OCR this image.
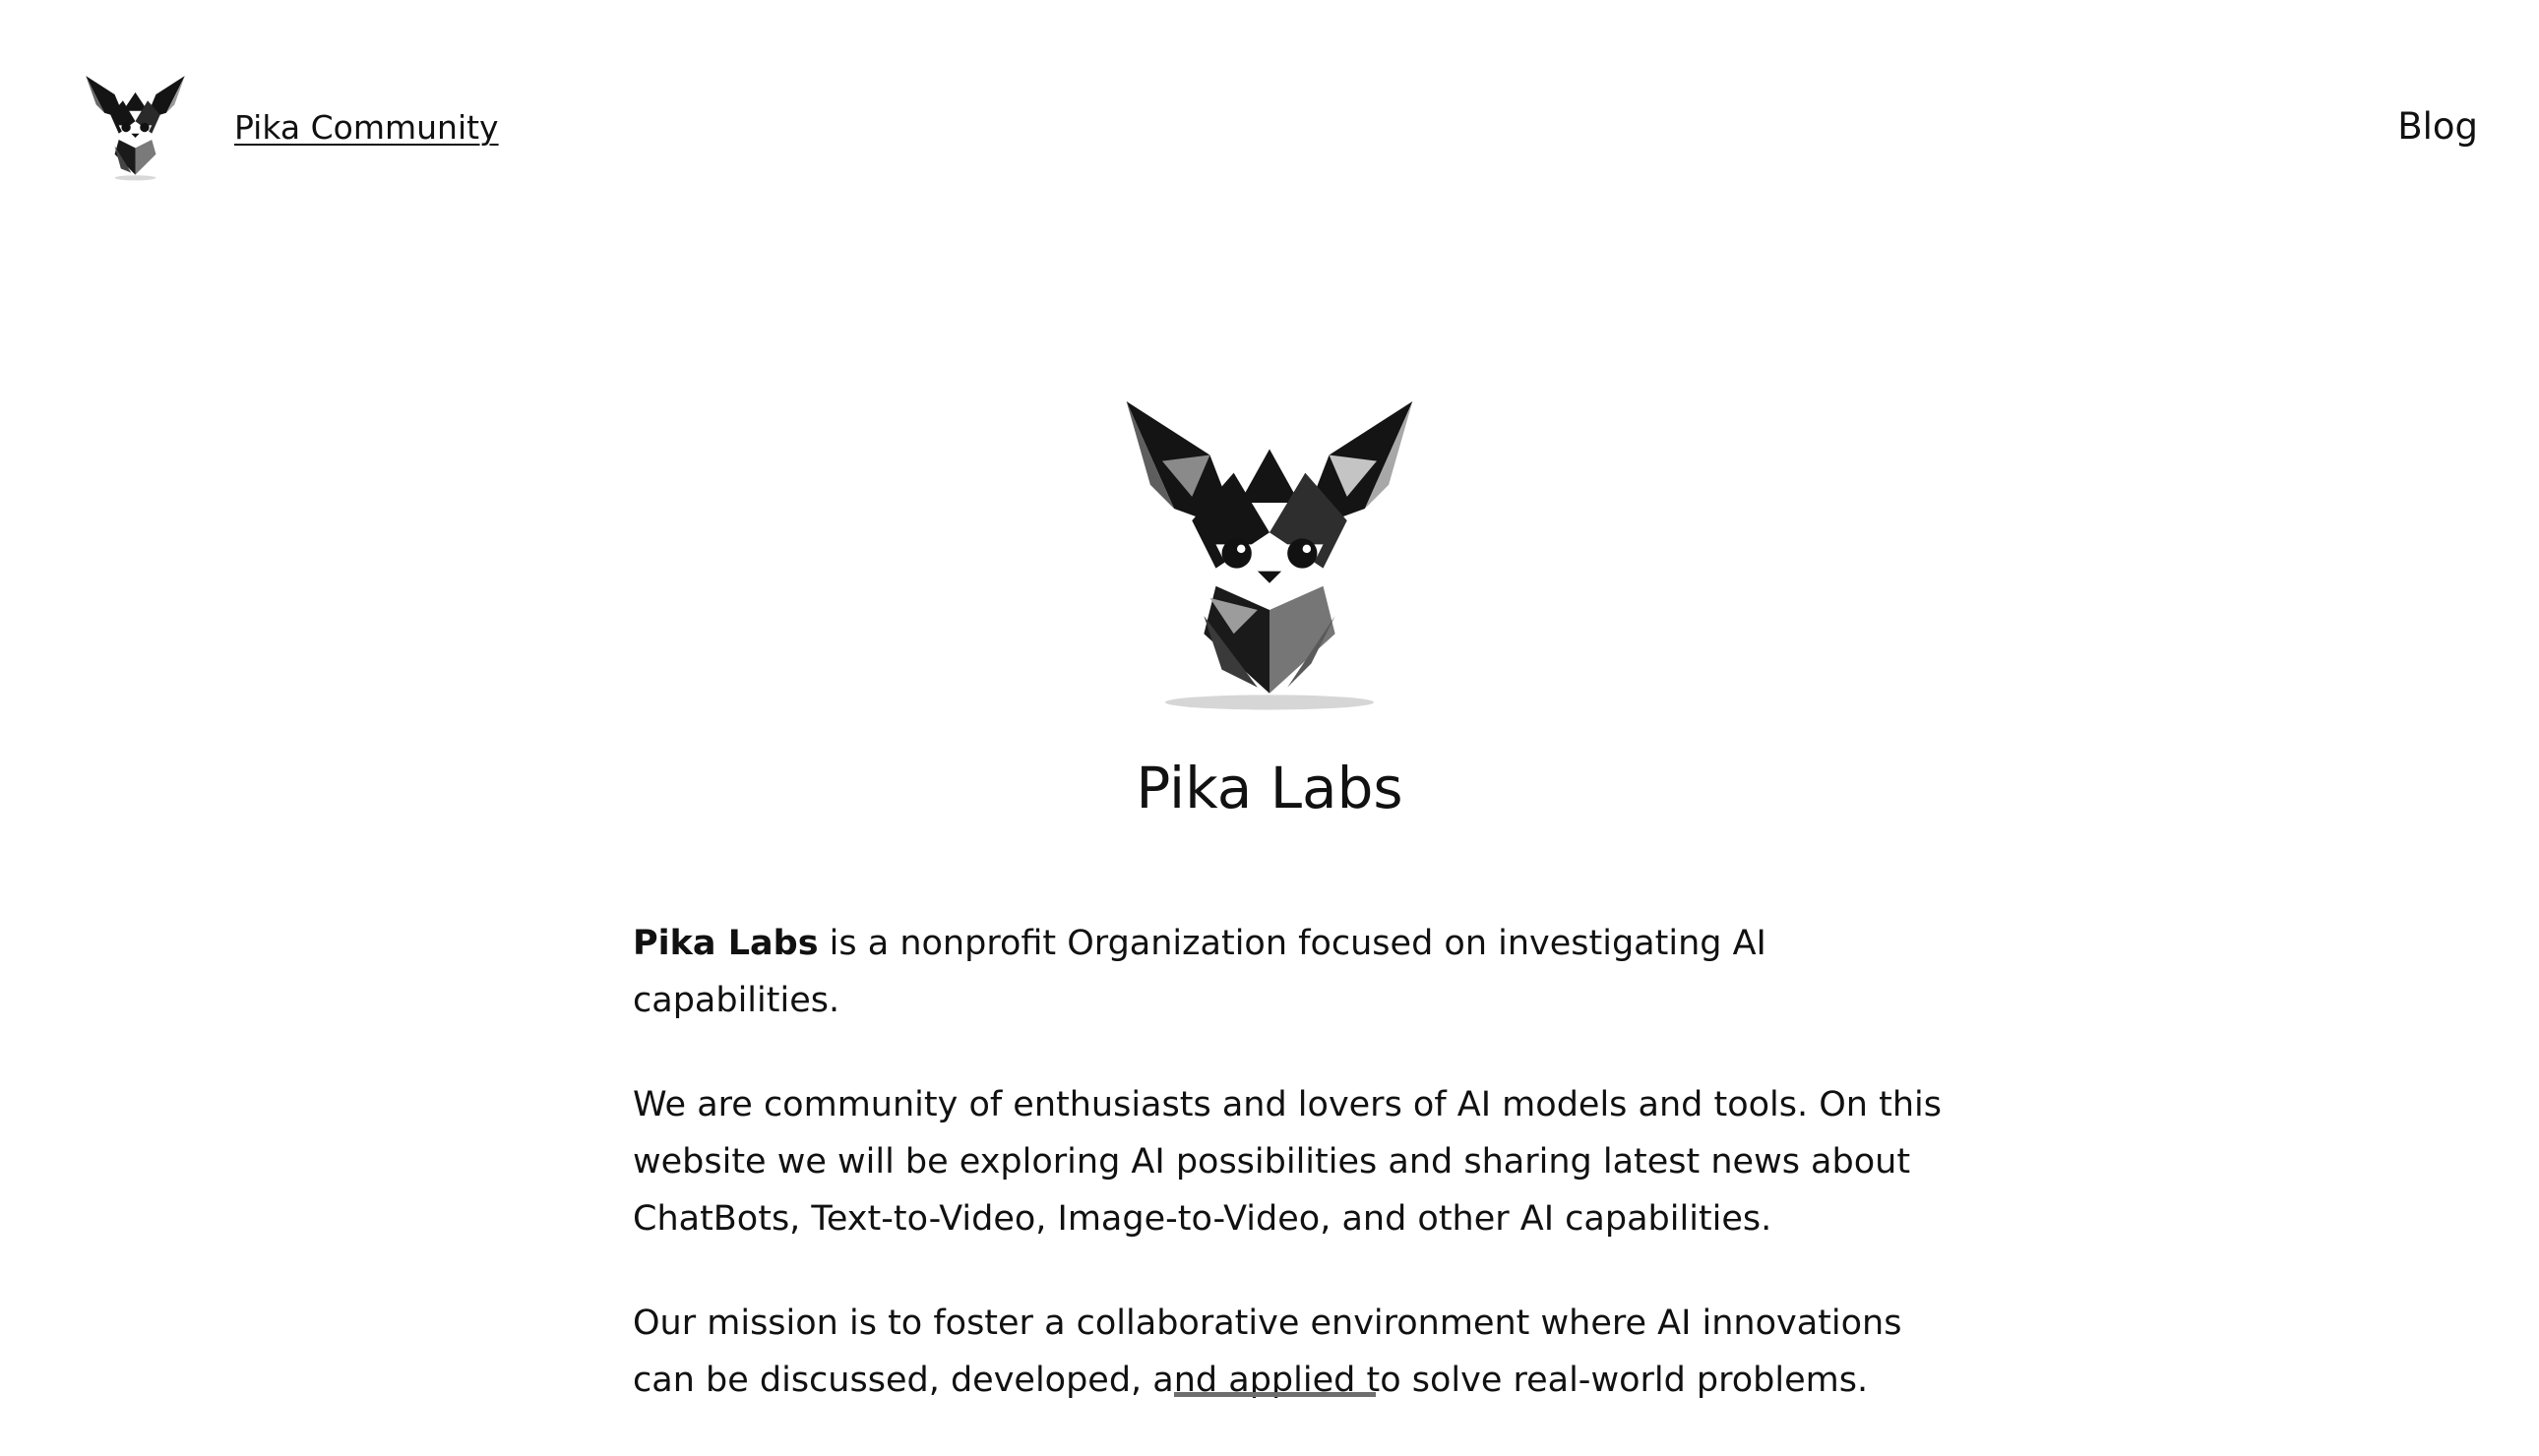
Pika Community	Blog
Pika Labs

Pika Labs is a nonprofit Organization focused on investigating AI capabilities.

We are community of enthusiasts and lovers of AI models and tools. On this website we will be exploring AI possibilities and sharing latest news about ChatBots, Text-to-Video, Image-to-Video, and other AI capabilities.

Our mission is to foster a collaborative environment where AI innovations can be discussed, developed, and applied to solve real-world problems.
